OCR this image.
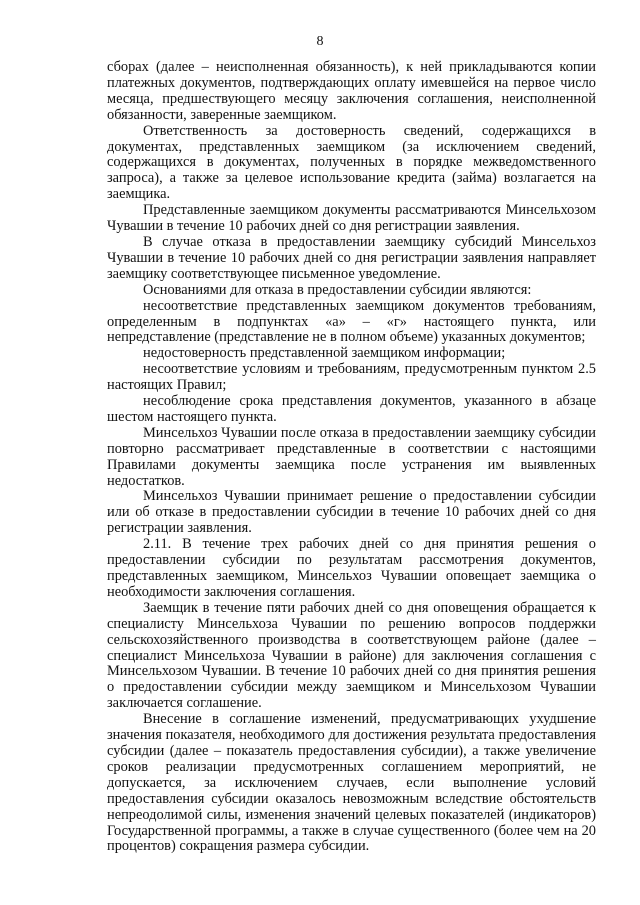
8

сборах (далее – неисполненная обязанность), к ней прикладываются копии платежных документов, подтверждающих оплату имевшейся на первое число месяца, предшествующего месяцу заключения соглашения, неисполненной обязанности, заверенные заемщиком.

Ответственность за достоверность сведений, содержащихся в документах, представленных заемщиком (за исключением сведений, содержащихся в документах, полученных в порядке межведомственного запроса), а также за целевое использование кредита (займа) возлагается на заемщика.

Представленные заемщиком документы рассматриваются Минсельхозом Чувашии в течение 10 рабочих дней со дня регистрации заявления.

В случае отказа в предоставлении заемщику субсидий Минсельхоз Чувашии в течение 10 рабочих дней со дня регистрации заявления направляет заемщику соответствующее письменное уведомление.

Основаниями для отказа в предоставлении субсидии являются:

несоответствие представленных заемщиком документов требованиям, определенным в подпунктах «а» – «г» настоящего пункта, или непредставление (представление не в полном объеме) указанных документов;

недостоверность представленной заемщиком информации;

несоответствие условиям и требованиям, предусмотренным пунктом 2.5 настоящих Правил;

несоблюдение срока представления документов, указанного в абзаце шестом настоящего пункта.

Минсельхоз Чувашии после отказа в предоставлении заемщику субсидии повторно рассматривает представленные в соответствии с настоящими Правилами документы заемщика после устранения им выявленных недостатков.

Минсельхоз Чувашии принимает решение о предоставлении субсидии или об отказе в предоставлении субсидии в течение 10 рабочих дней со дня регистрации заявления.

2.11. В течение трех рабочих дней со дня принятия решения о предоставлении субсидии по результатам рассмотрения документов, представленных заемщиком, Минсельхоз Чувашии оповещает заемщика о необходимости заключения соглашения.

Заемщик в течение пяти рабочих дней со дня оповещения обращается к специалисту Минсельхоза Чувашии по решению вопросов поддержки сельскохозяйственного производства в соответствующем районе (далее – специалист Минсельхоза Чувашии в районе) для заключения соглашения с Минсельхозом Чувашии. В течение 10 рабочих дней со дня принятия решения о предоставлении субсидии между заемщиком и Минсельхозом Чувашии заключается соглашение.

Внесение в соглашение изменений, предусматривающих ухудшение значения показателя, необходимого для достижения результата предоставления субсидии (далее – показатель предоставления субсидии), а также увеличение сроков реализации предусмотренных соглашением мероприятий, не допускается, за исключением случаев, если выполнение условий предоставления субсидии оказалось невозможным вследствие обстоятельств непреодолимой силы, изменения значений целевых показателей (индикаторов) Государственной программы, а также в случае существенного (более чем на 20 процентов) сокращения размера субсидии.
